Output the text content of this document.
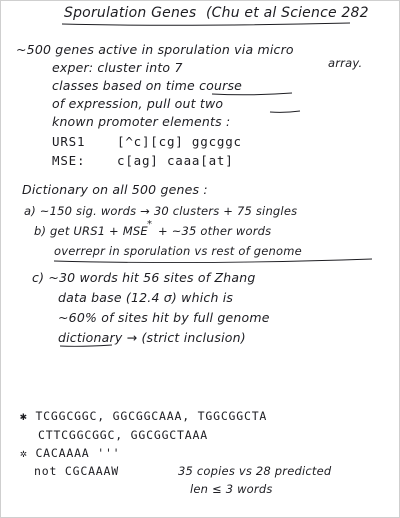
Sporulation Genes (Chu et al Science 282
~500 genes active in sporulation via micro
array.
exper: cluster into 7
classes based on time course
of expression, pull out two
known promoter elements :
URS1	[^c][cg] ggcggc
MSE:	c[ag] caaa[at]
Dictionary on all 500 genes :
a) ~150 sig. words → 30 clusters + 75 singles
b) get URS1 + MSE * + ~35 other words
overrepr in sporulation vs rest of genome
c) ~30 words hit 56 sites of Zhang
data base (12.4 σ) which is
~60% of sites hit by full genome
dictionary → (strict inclusion)
✱ TCGGCGGC, GGCGGCAAA, TGGCGGCTA
CTTCGGCGGC, GGCGGCTAAA
✲ CACAAAA '''
not CGCAAAW	35 copies vs 28 predicted
len ≤ 3 words
